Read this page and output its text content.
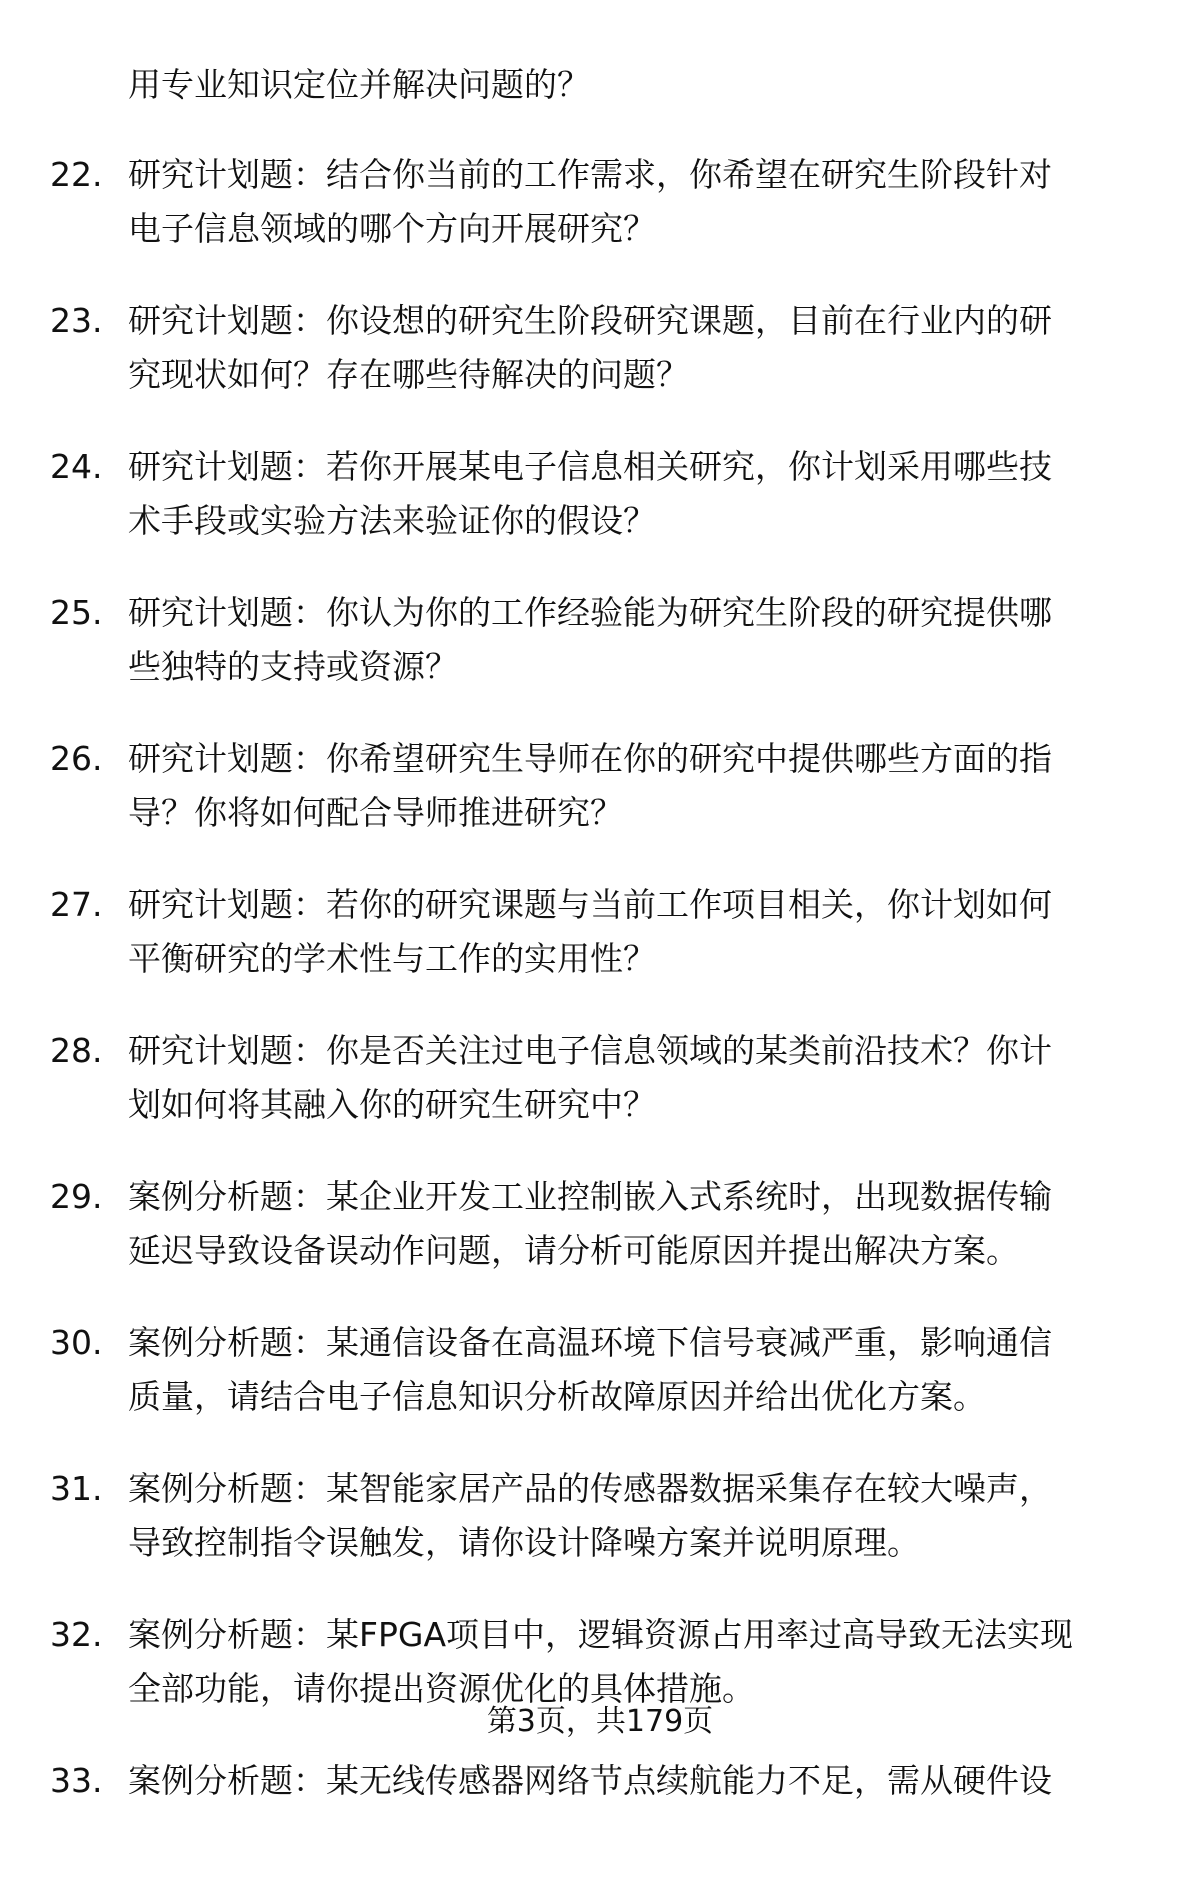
用专业知识定位并解决问题的？
22. 研究计划题：结合你当前的工作需求，你希望在研究生阶段针对
电子信息领域的哪个方向开展研究？
23. 研究计划题：你设想的研究生阶段研究课题，目前在行业内的研
究现状如何？存在哪些待解决的问题？
24. 研究计划题：若你开展某电子信息相关研究，你计划采用哪些技
术手段或实验方法来验证你的假设？
25. 研究计划题：你认为你的工作经验能为研究生阶段的研究提供哪
些独特的支持或资源？
26. 研究计划题：你希望研究生导师在你的研究中提供哪些方面的指
导？你将如何配合导师推进研究？
27. 研究计划题：若你的研究课题与当前工作项目相关，你计划如何
平衡研究的学术性与工作的实用性？
28. 研究计划题：你是否关注过电子信息领域的某类前沿技术？你计
划如何将其融入你的研究生研究中？
29. 案例分析题：某企业开发工业控制嵌入式系统时，出现数据传输
延迟导致设备误动作问题，请分析可能原因并提出解决方案。
30. 案例分析题：某通信设备在高温环境下信号衰减严重，影响通信
质量，请结合电子信息知识分析故障原因并给出优化方案。
31. 案例分析题：某智能家居产品的传感器数据采集存在较大噪声，
导致控制指令误触发，请你设计降噪方案并说明原理。
32. 案例分析题：某FPGA项目中，逻辑资源占用率过高导致无法实现
全部功能，请你提出资源优化的具体措施。
33. 案例分析题：某无线传感器网络节点续航能力不足，需从硬件设
第3页，共179页
